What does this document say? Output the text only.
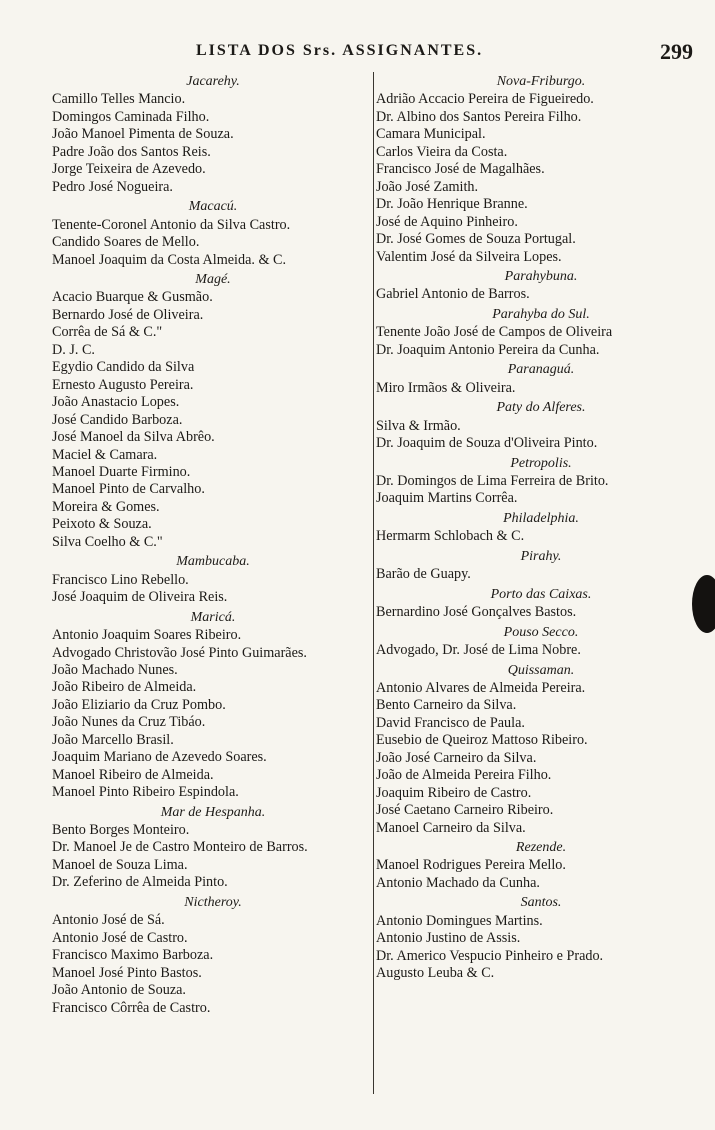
LISTA DOS Srs. ASSIGNANTES.	299
Jacarehy.
Camillo Telles Mancio.
Domingos Caminada Filho.
João Manoel Pimenta de Souza.
Padre João dos Santos Reis.
Jorge Teixeira de Azevedo.
Pedro José Nogueira.
Macacú.
Tenente-Coronel Antonio da Silva Castro.
Candido Soares de Mello.
Manoel Joaquim da Costa Almeida. & C.
Magé.
Acacio Buarque & Gusmão.
Bernardo José de Oliveira.
Corrêa de Sá & C."
D. J. C.
Egydio Candido da Silva
Ernesto Augusto Pereira.
João Anastacio Lopes.
José Candido Barboza.
José Manoel da Silva Abrêo.
Maciel & Camara.
Manoel Duarte Firmino.
Manoel Pinto de Carvalho.
Moreira & Gomes.
Peixoto & Souza.
Silva Coelho & C."
Mambucaba.
Francisco Lino Rebello.
José Joaquim de Oliveira Reis.
Maricá.
Antonio Joaquim Soares Ribeiro.
Advogado Christovão José Pinto Guimarães.
João Machado Nunes.
João Ribeiro de Almeida.
João Eliziario da Cruz Pombo.
João Nunes da Cruz Tibáo.
João Marcello Brasil.
Joaquim Mariano de Azevedo Soares.
Manoel Ribeiro de Almeida.
Manoel Pinto Ribeiro Espindola.
Mar de Hespanha.
Bento Borges Monteiro.
Dr. Manoel Je de Castro Monteiro de Barros.
Manoel de Souza Lima.
Dr. Zeferino de Almeida Pinto.
Nictheroy.
Antonio José de Sá.
Antonio José de Castro.
Francisco Maximo Barboza.
Manoel José Pinto Bastos.
João Antonio de Souza.
Francisco Côrrêa de Castro.
Nova-Friburgo.
Adrião Accacio Pereira de Figueiredo.
Dr. Albino dos Santos Pereira Filho.
Camara Municipal.
Carlos Vieira da Costa.
Francisco José de Magalhães.
João José Zamith.
Dr. João Henrique Branne.
José de Aquino Pinheiro.
Dr. José Gomes de Souza Portugal.
Valentim José da Silveira Lopes.
Parahybuna.
Gabriel Antonio de Barros.
Parahyba do Sul.
Tenente João José de Campos de Oliveira
Dr. Joaquim Antonio Pereira da Cunha.
Paranaguá.
Miro Irmãos & Oliveira.
Paty do Alferes.
Silva & Irmão.
Dr. Joaquim de Souza d'Oliveira Pinto.
Petropolis.
Dr. Domingos de Lima Ferreira de Brito.
Joaquim Martins Corrêa.
Philadelphia.
Hermarm Schlobach & C.
Pirahy.
Barão de Guapy.
Porto das Caixas.
Bernardino José Gonçalves Bastos.
Pouso Secco.
Advogado, Dr. José de Lima Nobre.
Quissaman.
Antonio Alvares de Almeida Pereira.
Bento Carneiro da Silva.
David Francisco de Paula.
Eusebio de Queiroz Mattoso Ribeiro.
João José Carneiro da Silva.
João de Almeida Pereira Filho.
Joaquim Ribeiro de Castro.
José Caetano Carneiro Ribeiro.
Manoel Carneiro da Silva.
Rezende.
Manoel Rodrigues Pereira Mello.
Antonio Machado da Cunha.
Santos.
Antonio Domingues Martins.
Antonio Justino de Assis.
Dr. Americo Vespucio Pinheiro e Prado.
Augusto Leuba & C.
